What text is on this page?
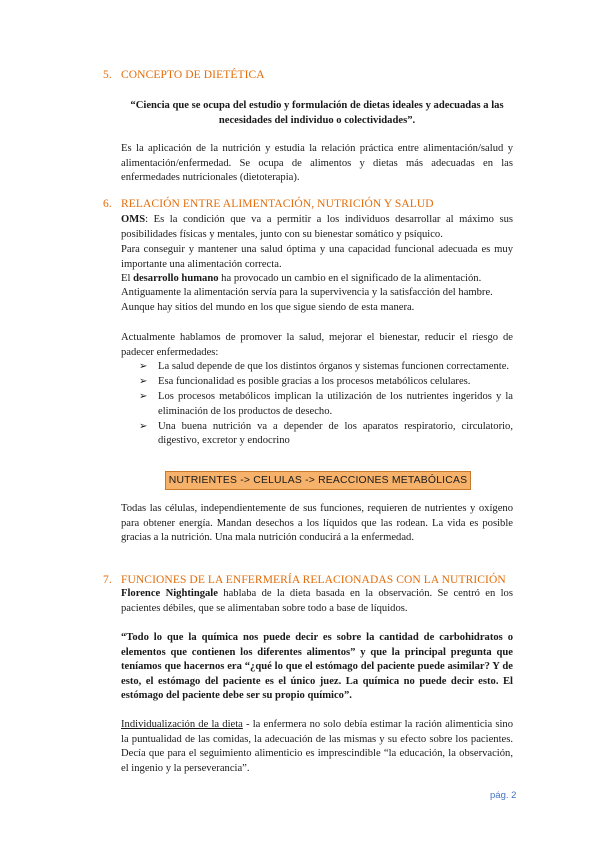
5. CONCEPTO DE DIETÉTICA

“Ciencia que se ocupa del estudio y formulación de dietas ideales y adecuadas a las
necesidades del individuo o colectividades”.

Es la aplicación de la nutrición y estudia la relación práctica entre alimentación/salud y alimentación/enfermedad. Se ocupa de alimentos y dietas más adecuadas en las enfermedades nutricionales (dietoterapia).

6. RELACIÓN ENTRE ALIMENTACIÓN, NUTRICIÓN Y SALUD

OMS: Es la condición que va a permitir a los individuos desarrollar al máximo sus posibilidades físicas y mentales, junto con su bienestar somático y psíquico.

Para conseguir y mantener una salud óptima y una capacidad funcional adecuada es muy importante una alimentación correcta.

El desarrollo humano ha provocado un cambio en el significado de la alimentación.

Antiguamente la alimentación servía para la supervivencia y la satisfacción del hambre.

Aunque hay sitios del mundo en los que sigue siendo de esta manera.

Actualmente hablamos de promover la salud, mejorar el bienestar, reducir el riesgo de padecer enfermedades:

➢ La salud depende de que los distintos órganos y sistemas funcionen correctamente.
➢ Esa funcionalidad es posible gracias a los procesos metabólicos celulares.
➢ Los procesos metabólicos implican la utilización de los nutrientes ingeridos y la eliminación de los productos de desecho.
➢ Una buena nutrición va a depender de los aparatos respiratorio, circulatorio, digestivo, excretor y endocrino
NUTRIENTES -> CELULAS -> REACCIONES METABÓLICAS

Todas las células, independientemente de sus funciones, requieren de nutrientes y oxígeno para obtener energía. Mandan desechos a los líquidos que las rodean. La vida es posible gracias a la nutrición. Una mala nutrición conducirá a la enfermedad.

7. FUNCIONES DE LA ENFERMERÍA RELACIONADAS CON LA NUTRICIÓN

Florence Nightingale hablaba de la dieta basada en la observación. Se centró en los pacientes débiles, que se alimentaban sobre todo a base de líquidos.

“Todo lo que la química nos puede decir es sobre la cantidad de carbohidratos o elementos que contienen los diferentes alimentos” y que la principal pregunta que teníamos que hacernos era “¿qué lo que el estómago del paciente puede asimilar? Y de esto, el estómago del paciente es el único juez. La química no puede decir esto. El estómago del paciente debe ser su propio químico”.

Individualización de la dieta - la enfermera no solo debía estimar la ración alimenticia sino la puntualidad de las comidas, la adecuación de las mismas y su efecto sobre los pacientes. Decía que para el seguimiento alimenticio es imprescindible “la educación, la observación, el ingenio y la perseverancia”.

pág. 2
